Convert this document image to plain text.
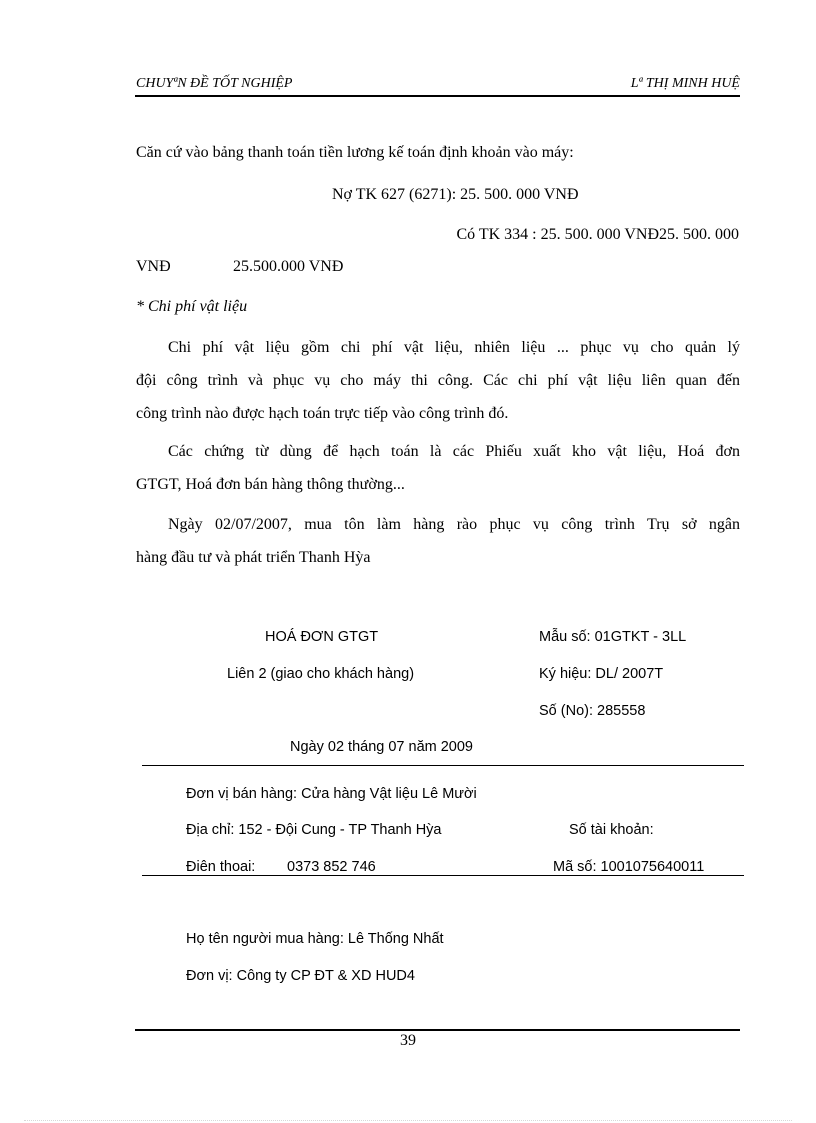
CHUYªN ĐỀ TỐT NGHIỆP	Lª THỊ MINH HUỆ
Căn cứ vào bảng thanh toán tiền lương kế toán định khoản vào máy:
Nợ TK 627 (6271): 25. 500. 000 VNĐ
Có TK 334 : 25. 500. 000 VNĐ25. 500. 000
VNĐ	25.500.000 VNĐ
* Chi phí vật liệu
Chi phí vật liệu gồm chi phí vật liệu, nhiên liệu ... phục vụ cho quản lý
đội công trình và phục vụ cho máy thi công. Các chi phí vật liệu liên quan đến
công trình nào được hạch toán trực tiếp vào công trình đó.
Các chứng từ dùng để hạch toán là các Phiếu xuất kho vật liệu, Hoá đơn
GTGT, Hoá đơn bán hàng thông thường...
Ngày 02/07/2007, mua tôn làm hàng rào phục vụ công trình Trụ sở ngân
hàng đầu tư và phát triển Thanh Hỳa
HOÁ ĐƠN GTGT	Mẫu số: 01GTKT - 3LL
Liên 2 (giao cho khách hàng)	Ký hiệu: DL/ 2007T
Số (No): 285558
Ngày 02 tháng 07 năm 2009
Đơn vị bán hàng: Cửa hàng Vật liệu Lê Mười
Địa chỉ: 152 - Đội Cung - TP Thanh Hỳa	Số tài khoản:
Điên thoai: 0373 852 746	Mã số: 1001075640011
Họ tên người mua hàng: Lê Thống Nhất
Đơn vị: Công ty CP ĐT & XD HUD4
39
